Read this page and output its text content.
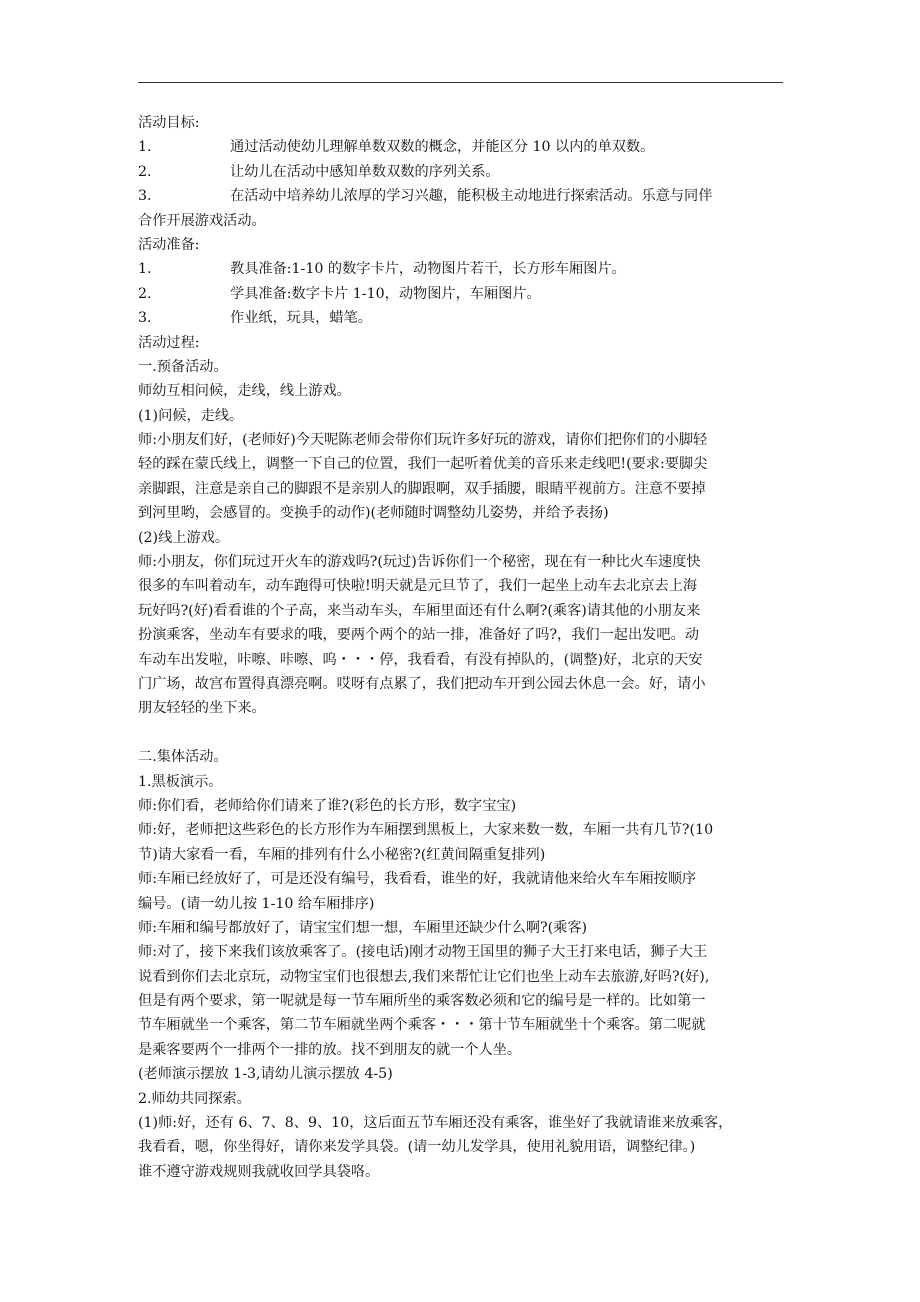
活动目标:
1.	通过活动使幼儿理解单数双数的概念，并能区分 10 以内的单双数。
2.	让幼儿在活动中感知单数双数的序列关系。
3.	在活动中培养幼儿浓厚的学习兴趣，能积极主动地进行探索活动。乐意与同伴
合作开展游戏活动。
活动准备:
1.	教具准备:1-10 的数字卡片，动物图片若干，长方形车厢图片。
2.	学具准备:数字卡片 1-10，动物图片，车厢图片。
3.	作业纸，玩具，蜡笔。
活动过程:
一.预备活动。
师幼互相问候，走线，线上游戏。
(1)问候，走线。
师:小朋友们好，(老师好)今天呢陈老师会带你们玩许多好玩的游戏，请你们把你们的小脚轻
轻的踩在蒙氏线上，调整一下自己的位置，我们一起听着优美的音乐来走线吧!(要求:要脚尖
亲脚跟，注意是亲自己的脚跟不是亲别人的脚跟啊，双手插腰，眼睛平视前方。注意不要掉
到河里哟，会感冒的。变换手的动作)(老师随时调整幼儿姿势，并给予表扬)
(2)线上游戏。
师:小朋友，你们玩过开火车的游戏吗?(玩过)告诉你们一个秘密，现在有一种比火车速度快
很多的车叫着动车，动车跑得可快啦!明天就是元旦节了，我们一起坐上动车去北京去上海
玩好吗?(好)看看谁的个子高，来当动车头，车厢里面还有什么啊?(乘客)请其他的小朋友来
扮演乘客，坐动车有要求的哦，要两个两个的站一排，准备好了吗?，我们一起出发吧。动
车动车出发啦，咔嚓、咔嚓、呜・・・停，我看看，有没有掉队的，(调整)好，北京的天安
门广场，故宫布置得真漂亮啊。哎呀有点累了，我们把动车开到公园去休息一会。好，请小
朋友轻轻的坐下来。
二.集体活动。
1.黑板演示。
师:你们看，老师给你们请来了谁?(彩色的长方形，数字宝宝)
师:好，老师把这些彩色的长方形作为车厢摆到黑板上，大家来数一数，车厢一共有几节?(10
节)请大家看一看，车厢的排列有什么小秘密?(红黄间隔重复排列)
师:车厢已经放好了，可是还没有编号，我看看，谁坐的好，我就请他来给火车车厢按顺序
编号。(请一幼儿按 1-10 给车厢排序)
师:车厢和编号都放好了，请宝宝们想一想，车厢里还缺少什么啊?(乘客)
师:对了，接下来我们该放乘客了。(接电话)刚才动物王国里的狮子大王打来电话，狮子大王
说看到你们去北京玩，动物宝宝们也很想去,我们来帮忙让它们也坐上动车去旅游,好吗?(好),
但是有两个要求，第一呢就是每一节车厢所坐的乘客数必须和它的编号是一样的。比如第一
节车厢就坐一个乘客，第二节车厢就坐两个乘客・・・第十节车厢就坐十个乘客。第二呢就
是乘客要两个一排两个一排的放。找不到朋友的就一个人坐。
(老师演示摆放 1-3,请幼儿演示摆放 4-5)
2.师幼共同探索。
(1)师:好，还有 6、7、8、9、10，这后面五节车厢还没有乘客，谁坐好了我就请谁来放乘客，
我看看，嗯，你坐得好，请你来发学具袋。(请一幼儿发学具，使用礼貌用语，调整纪律。)
谁不遵守游戏规则我就收回学具袋咯。
